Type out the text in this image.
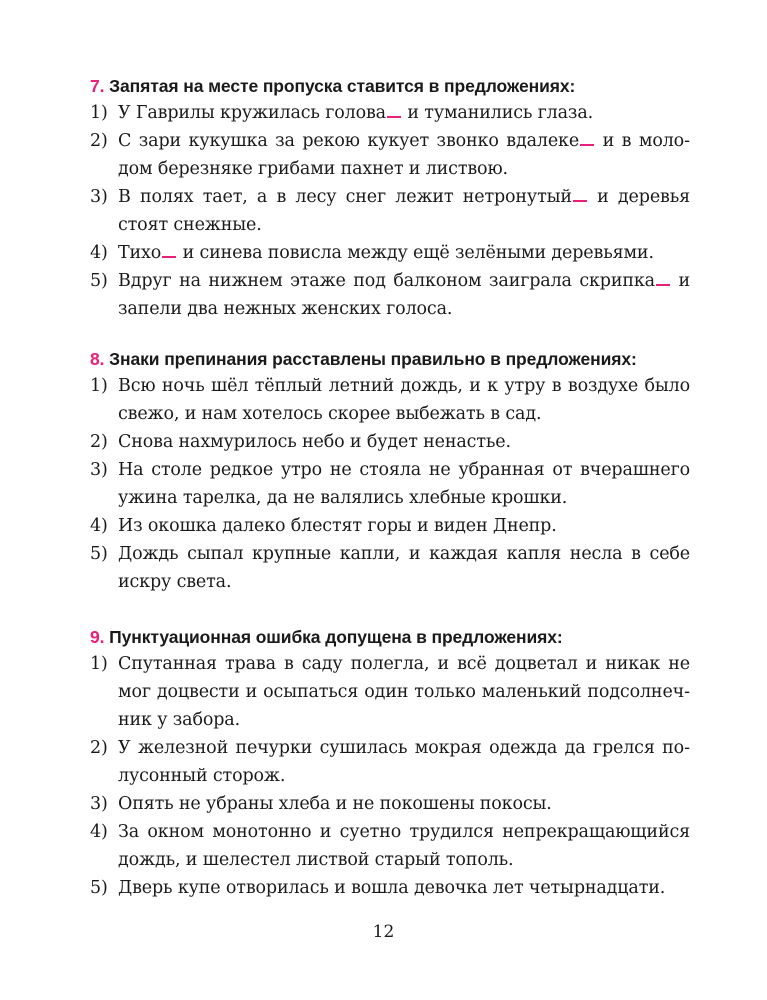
7. Запятая на месте пропуска ставится в предложениях:
1) У Гаврилы кружилась голова и туманились глаза.
2) С зари кукушка за рекою кукует звонко вдалеке и в молодом березняке грибами пахнет и листвою.
3) В полях тает, а в лесу снег лежит нетронутый и деревья стоят снежные.
4) Тихо и синева повисла между ещё зелёными деревьями.
5) Вдруг на нижнем этаже под балконом заиграла скрипка и запели два нежных женских голоса.
8. Знаки препинания расставлены правильно в предложениях:
1) Всю ночь шёл тёплый летний дождь, и к утру в воздухе было свежо, и нам хотелось скорее выбежать в сад.
2) Снова нахмурилось небо и будет ненастье.
3) На столе редкое утро не стояла не убранная от вчерашнего ужина тарелка, да не валялись хлебные крошки.
4) Из окошка далеко блестят горы и виден Днепр.
5) Дождь сыпал крупные капли, и каждая капля несла в себе искру света.
9. Пунктуационная ошибка допущена в предложениях:
1) Спутанная трава в саду полегла, и всё доцветал и никак не мог доцвести и осыпаться один только маленький подсолнечник у забора.
2) У железной печурки сушилась мокрая одежда да грелся полусонный сторож.
3) Опять не убраны хлеба и не покошены покосы.
4) За окном монотонно и суетно трудился непрекращающийся дождь, и шелестел листвой старый тополь.
5) Дверь купе отворилась и вошла девочка лет четырнадцати.
12
